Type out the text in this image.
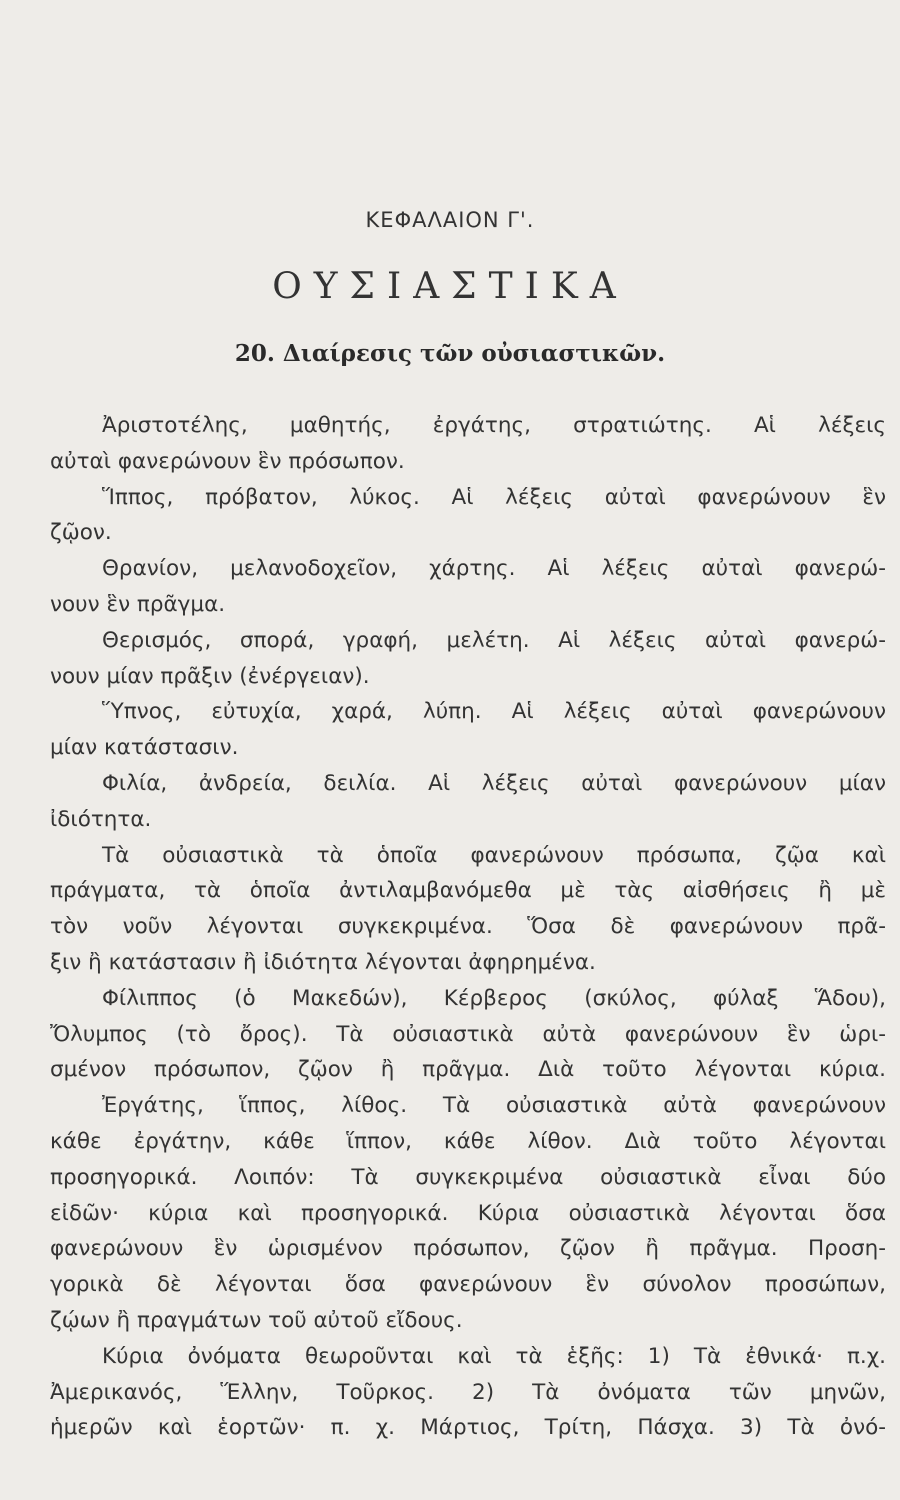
ΚΕΦΑΛΑΙΟΝ Γ'.
ΟΥΣΙΑΣΤΙΚΑ
20. Διαίρεσις τῶν οὐσιαστικῶν.
Ἀριστοτέλης, μαθητής, ἐργάτης, στρατιώτης. Αἱ λέξεις
αὐταὶ φανερώνουν ἓν πρόσωπον.
Ἵππος, πρόβατον, λύκος. Αἱ λέξεις αὐταὶ φανερώνουν ἓν
ζῷον.
Θρανίον, μελανοδοχεῖον, χάρτης. Αἱ λέξεις αὐταὶ φανερώ-
νουν ἓν πρᾶγμα.
Θερισμός, σπορά, γραφή, μελέτη. Αἱ λέξεις αὐταὶ φανερώ-
νουν μίαν πρᾶξιν (ἐνέργειαν).
Ὕπνος, εὐτυχία, χαρά, λύπη. Αἱ λέξεις αὐταὶ φανερώνουν
μίαν κατάστασιν.
Φιλία, ἀνδρεία, δειλία. Αἱ λέξεις αὐταὶ φανερώνουν μίαν
ἰδιότητα.
Τὰ οὐσιαστικὰ τὰ ὁποῖα φανερώνουν πρόσωπα, ζῷα καὶ
πράγματα, τὰ ὁποῖα ἀντιλαμβανόμεθα μὲ τὰς αἰσθήσεις ἢ μὲ
τὸν νοῦν λέγονται συγκεκριμένα. Ὅσα δὲ φανερώνουν πρᾶ-
ξιν ἢ κατάστασιν ἢ ἰδιότητα λέγονται ἀφηρημένα.
Φίλιππος (ὁ Μακεδών), Κέρβερος (σκύλος, φύλαξ Ἅδου),
Ὄλυμπος (τὸ ὄρος). Τὰ οὐσιαστικὰ αὐτὰ φανερώνουν ἓν ὡρι-
σμένον πρόσωπον, ζῷον ἢ πρᾶγμα. Διὰ τοῦτο λέγονται κύρια.
Ἐργάτης, ἵππος, λίθος. Τὰ οὐσιαστικὰ αὐτὰ φανερώνουν
κάθε ἐργάτην, κάθε ἵππον, κάθε λίθον. Διὰ τοῦτο λέγονται
προσηγορικά. Λοιπόν: Τὰ συγκεκριμένα οὐσιαστικὰ εἶναι δύο
εἰδῶν· κύρια καὶ προσηγορικά. Κύρια οὐσιαστικὰ λέγονται ὅσα
φανερώνουν ἓν ὡρισμένον πρόσωπον, ζῷον ἢ πρᾶγμα. Προση-
γορικὰ δὲ λέγονται ὅσα φανερώνουν ἓν σύνολον προσώπων,
ζῴων ἢ πραγμάτων τοῦ αὐτοῦ εἴδους.
Κύρια ὀνόματα θεωροῦνται καὶ τὰ ἑξῆς: 1) Τὰ ἐθνικά· π.χ.
Ἀμερικανός, Ἕλλην, Τοῦρκος. 2) Τὰ ὀνόματα τῶν μηνῶν,
ἡμερῶν καὶ ἑορτῶν· π. χ. Μάρτιος, Τρίτη, Πάσχα. 3) Τὰ ὀνό-
